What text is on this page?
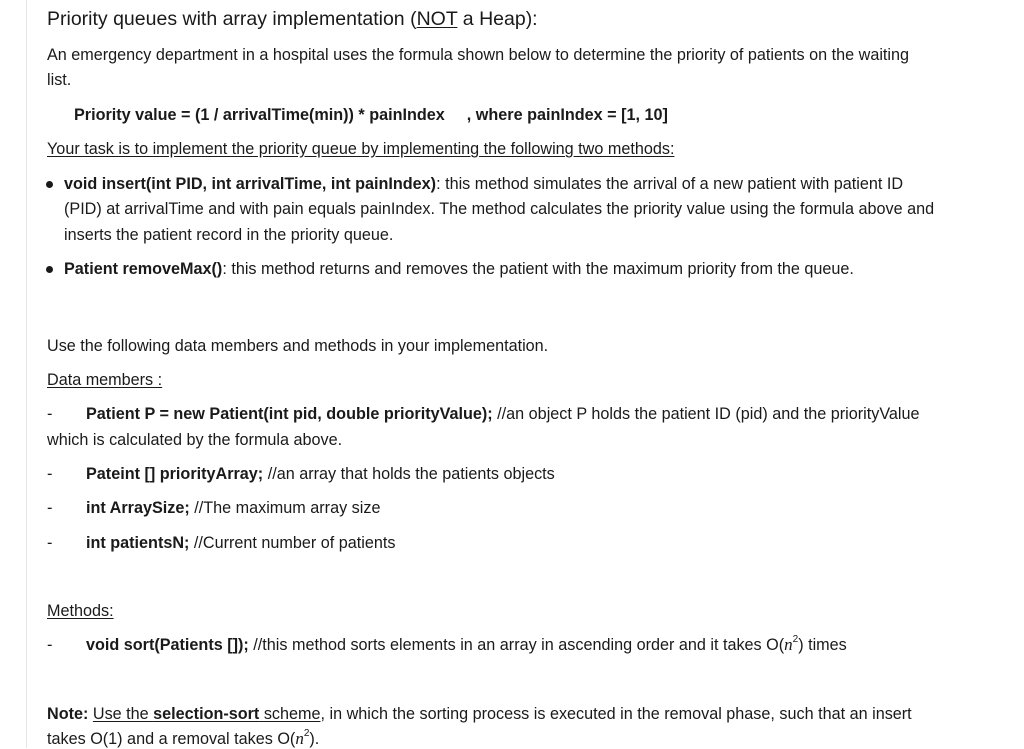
Priority queues with array implementation (NOT a Heap):
An emergency department in a hospital uses the formula shown below to determine the priority of patients on the waiting
list.
Priority value = (1 / arrivalTime(min)) * painIndex , where painIndex = [1, 10]
Your task is to implement the priority queue by implementing the following two methods:
void insert(int PID, int arrivalTime, int painIndex): this method simulates the arrival of a new patient with patient ID
(PID) at arrivalTime and with pain equals painIndex. The method calculates the priority value using the formula above and
inserts the patient record in the priority queue.
Patient removeMax(): this method returns and removes the patient with the maximum priority from the queue.
Use the following data members and methods in your implementation.
Data members :
- Patient P = new Patient(int pid, double priorityValue); //an object P holds the patient ID (pid) and the priorityValue
which is calculated by the formula above.
- Pateint [] priorityArray; //an array that holds the patients objects
- int ArraySize; //The maximum array size
- int patientsN; //Current number of patients
Methods:
- void sort(Patients []); //this method sorts elements in an array in ascending order and it takes $O(n^2)$ times
Note: Use the selection-sort scheme, in which the sorting process is executed in the removal phase, such that an insert
takes O(1) and a removal takes $O(n^2)$.
